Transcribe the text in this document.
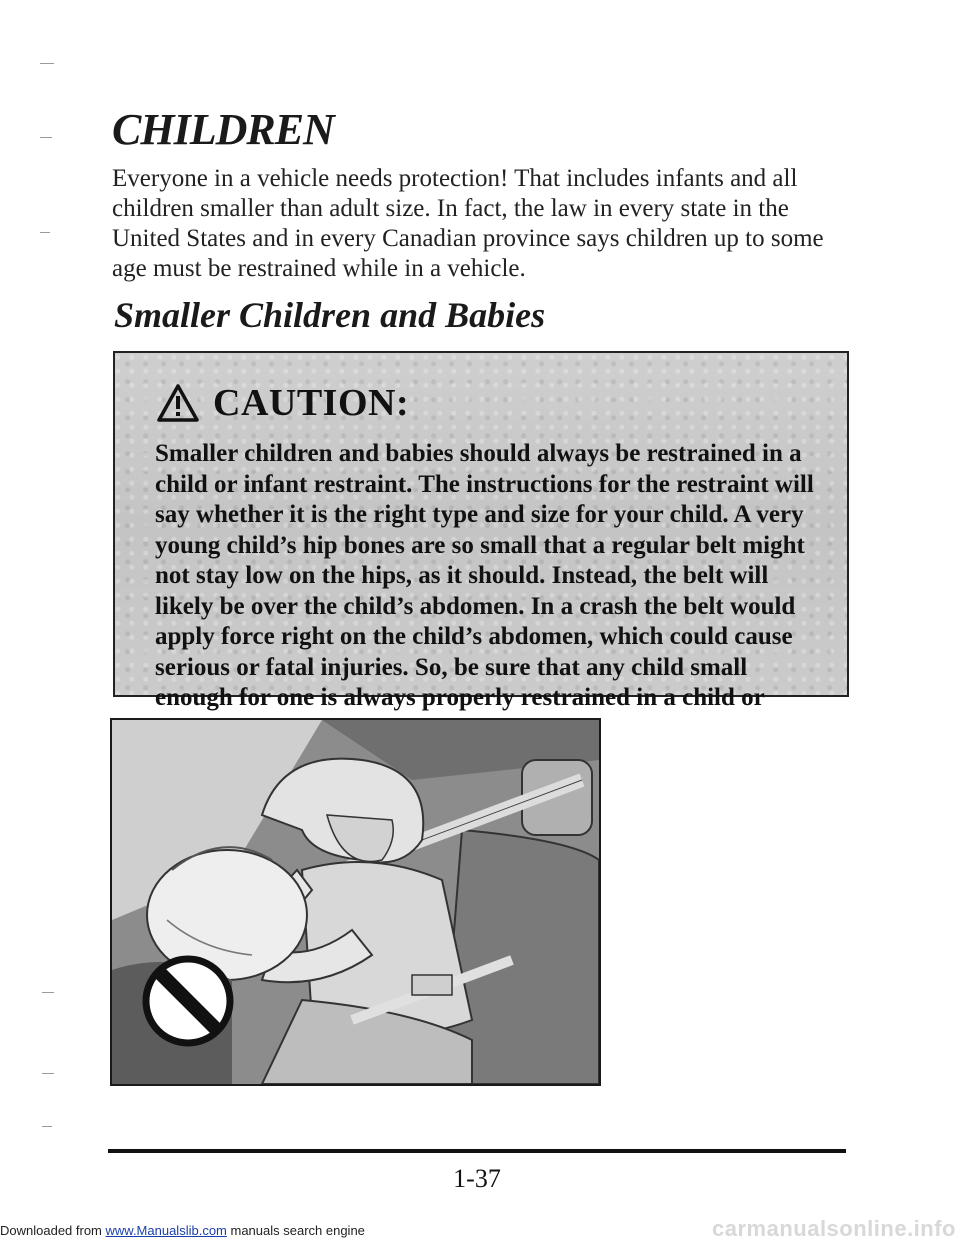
CHILDREN

Everyone in a vehicle needs protection! That includes infants and all children smaller than adult size. In fact, the law in every state in the United States and in every Canadian province says children up to some age must be restrained while in a vehicle.

Smaller Children and Babies
CAUTION:

Smaller children and babies should always be restrained in a child or infant restraint. The instructions for the restraint will say whether it is the right type and size for your child. A very young child’s hip bones are so small that a regular belt might not stay low on the hips, as it should. Instead, the belt will likely be over the child’s abdomen. In a crash the belt would apply force right on the child’s abdomen, which could cause serious or fatal injuries. So, be sure that any child small enough for one is always properly restrained in a child or

1-37

Downloaded from www.Manualslib.com manuals search engine	carmanualsonline.info
